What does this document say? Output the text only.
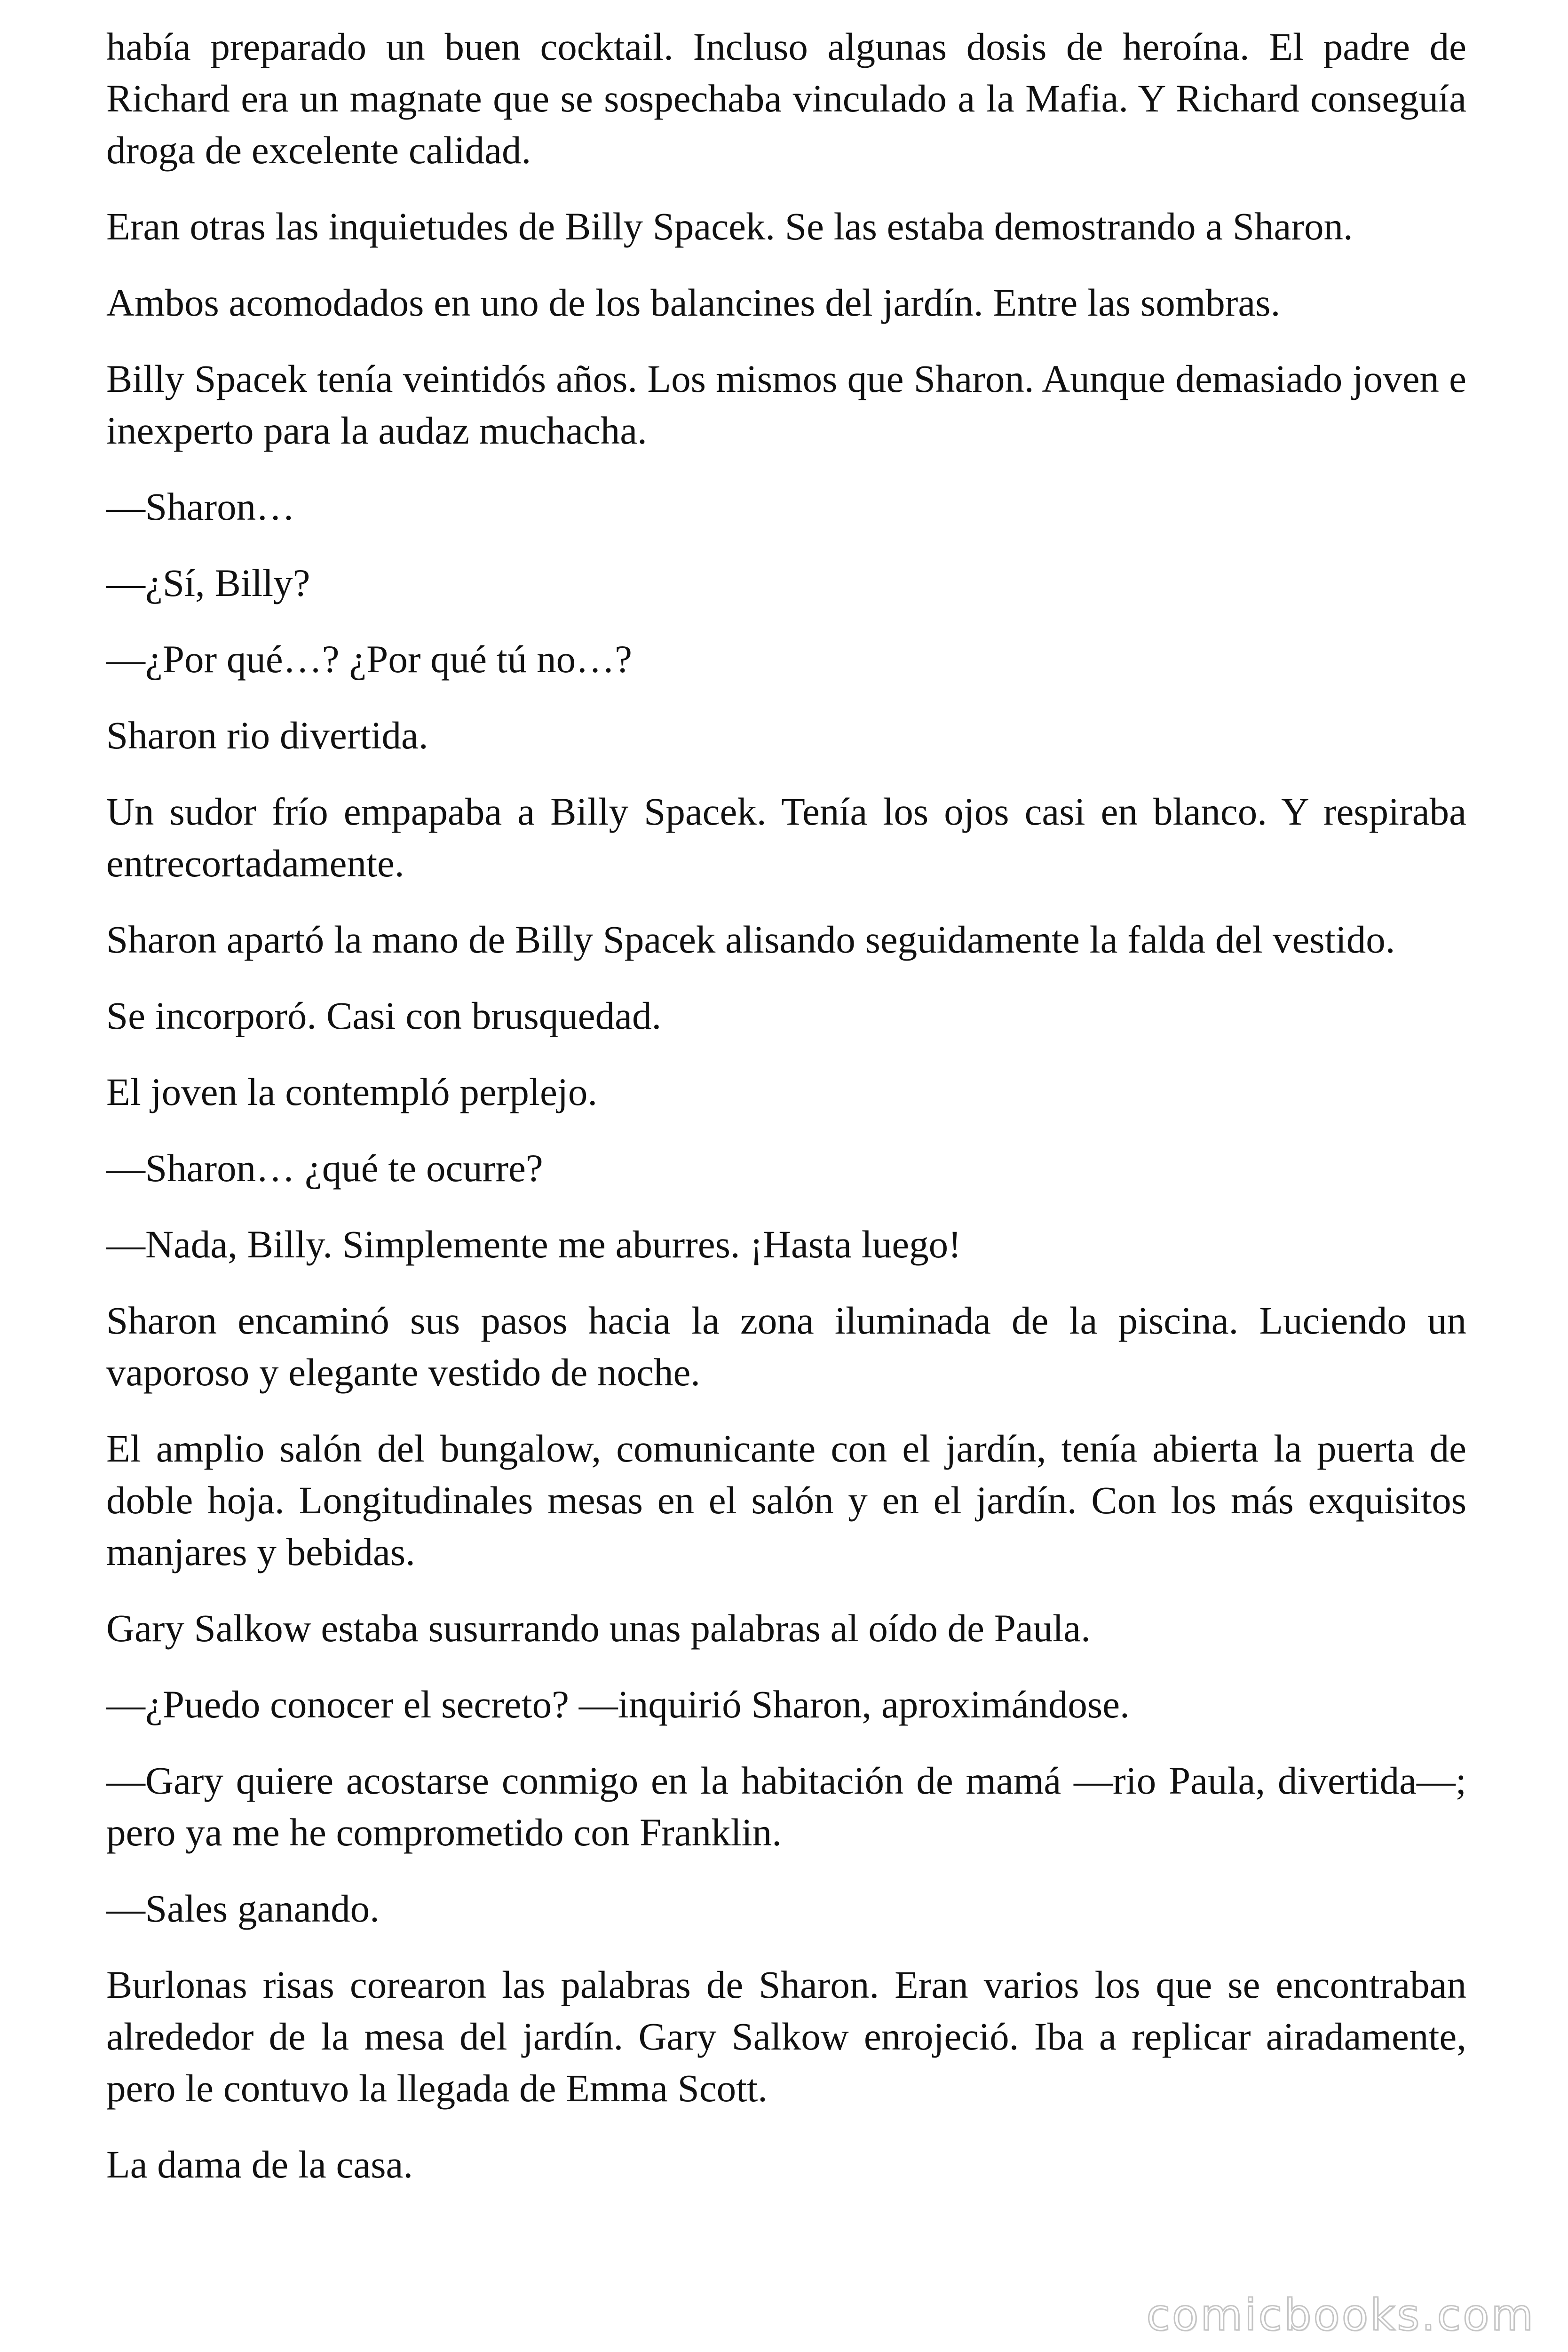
había preparado un buen cocktail. Incluso algunas dosis de heroína. El padre de Richard era un magnate que se sospechaba vinculado a la Mafia. Y Richard conseguía droga de excelente calidad.

Eran otras las inquietudes de Billy Spacek. Se las estaba demostrando a Sharon.

Ambos acomodados en uno de los balancines del jardín. Entre las sombras.

Billy Spacek tenía veintidós años. Los mismos que Sharon. Aunque demasiado joven e inexperto para la audaz muchacha.

—Sharon…

—¿Sí, Billy?

—¿Por qué…? ¿Por qué tú no…?

Sharon rio divertida.

Un sudor frío empapaba a Billy Spacek. Tenía los ojos casi en blanco. Y respiraba entrecortadamente.

Sharon apartó la mano de Billy Spacek alisando seguidamente la falda del vestido.

Se incorporó. Casi con brusquedad.

El joven la contempló perplejo.

—Sharon… ¿qué te ocurre?

—Nada, Billy. Simplemente me aburres. ¡Hasta luego!

Sharon encaminó sus pasos hacia la zona iluminada de la piscina. Luciendo un vaporoso y elegante vestido de noche.

El amplio salón del bungalow, comunicante con el jardín, tenía abierta la puerta de doble hoja. Longitudinales mesas en el salón y en el jardín. Con los más exquisitos manjares y bebidas.

Gary Salkow estaba susurrando unas palabras al oído de Paula.

—¿Puedo conocer el secreto? —inquirió Sharon, aproximándose.

—Gary quiere acostarse conmigo en la habitación de mamá —rio Paula, divertida—; pero ya me he comprometido con Franklin.

—Sales ganando.

Burlonas risas corearon las palabras de Sharon. Eran varios los que se encontraban alrededor de la mesa del jardín. Gary Salkow enrojeció. Iba a replicar airadamente, pero le contuvo la llegada de Emma Scott.

La dama de la casa.

comicbooks.com
